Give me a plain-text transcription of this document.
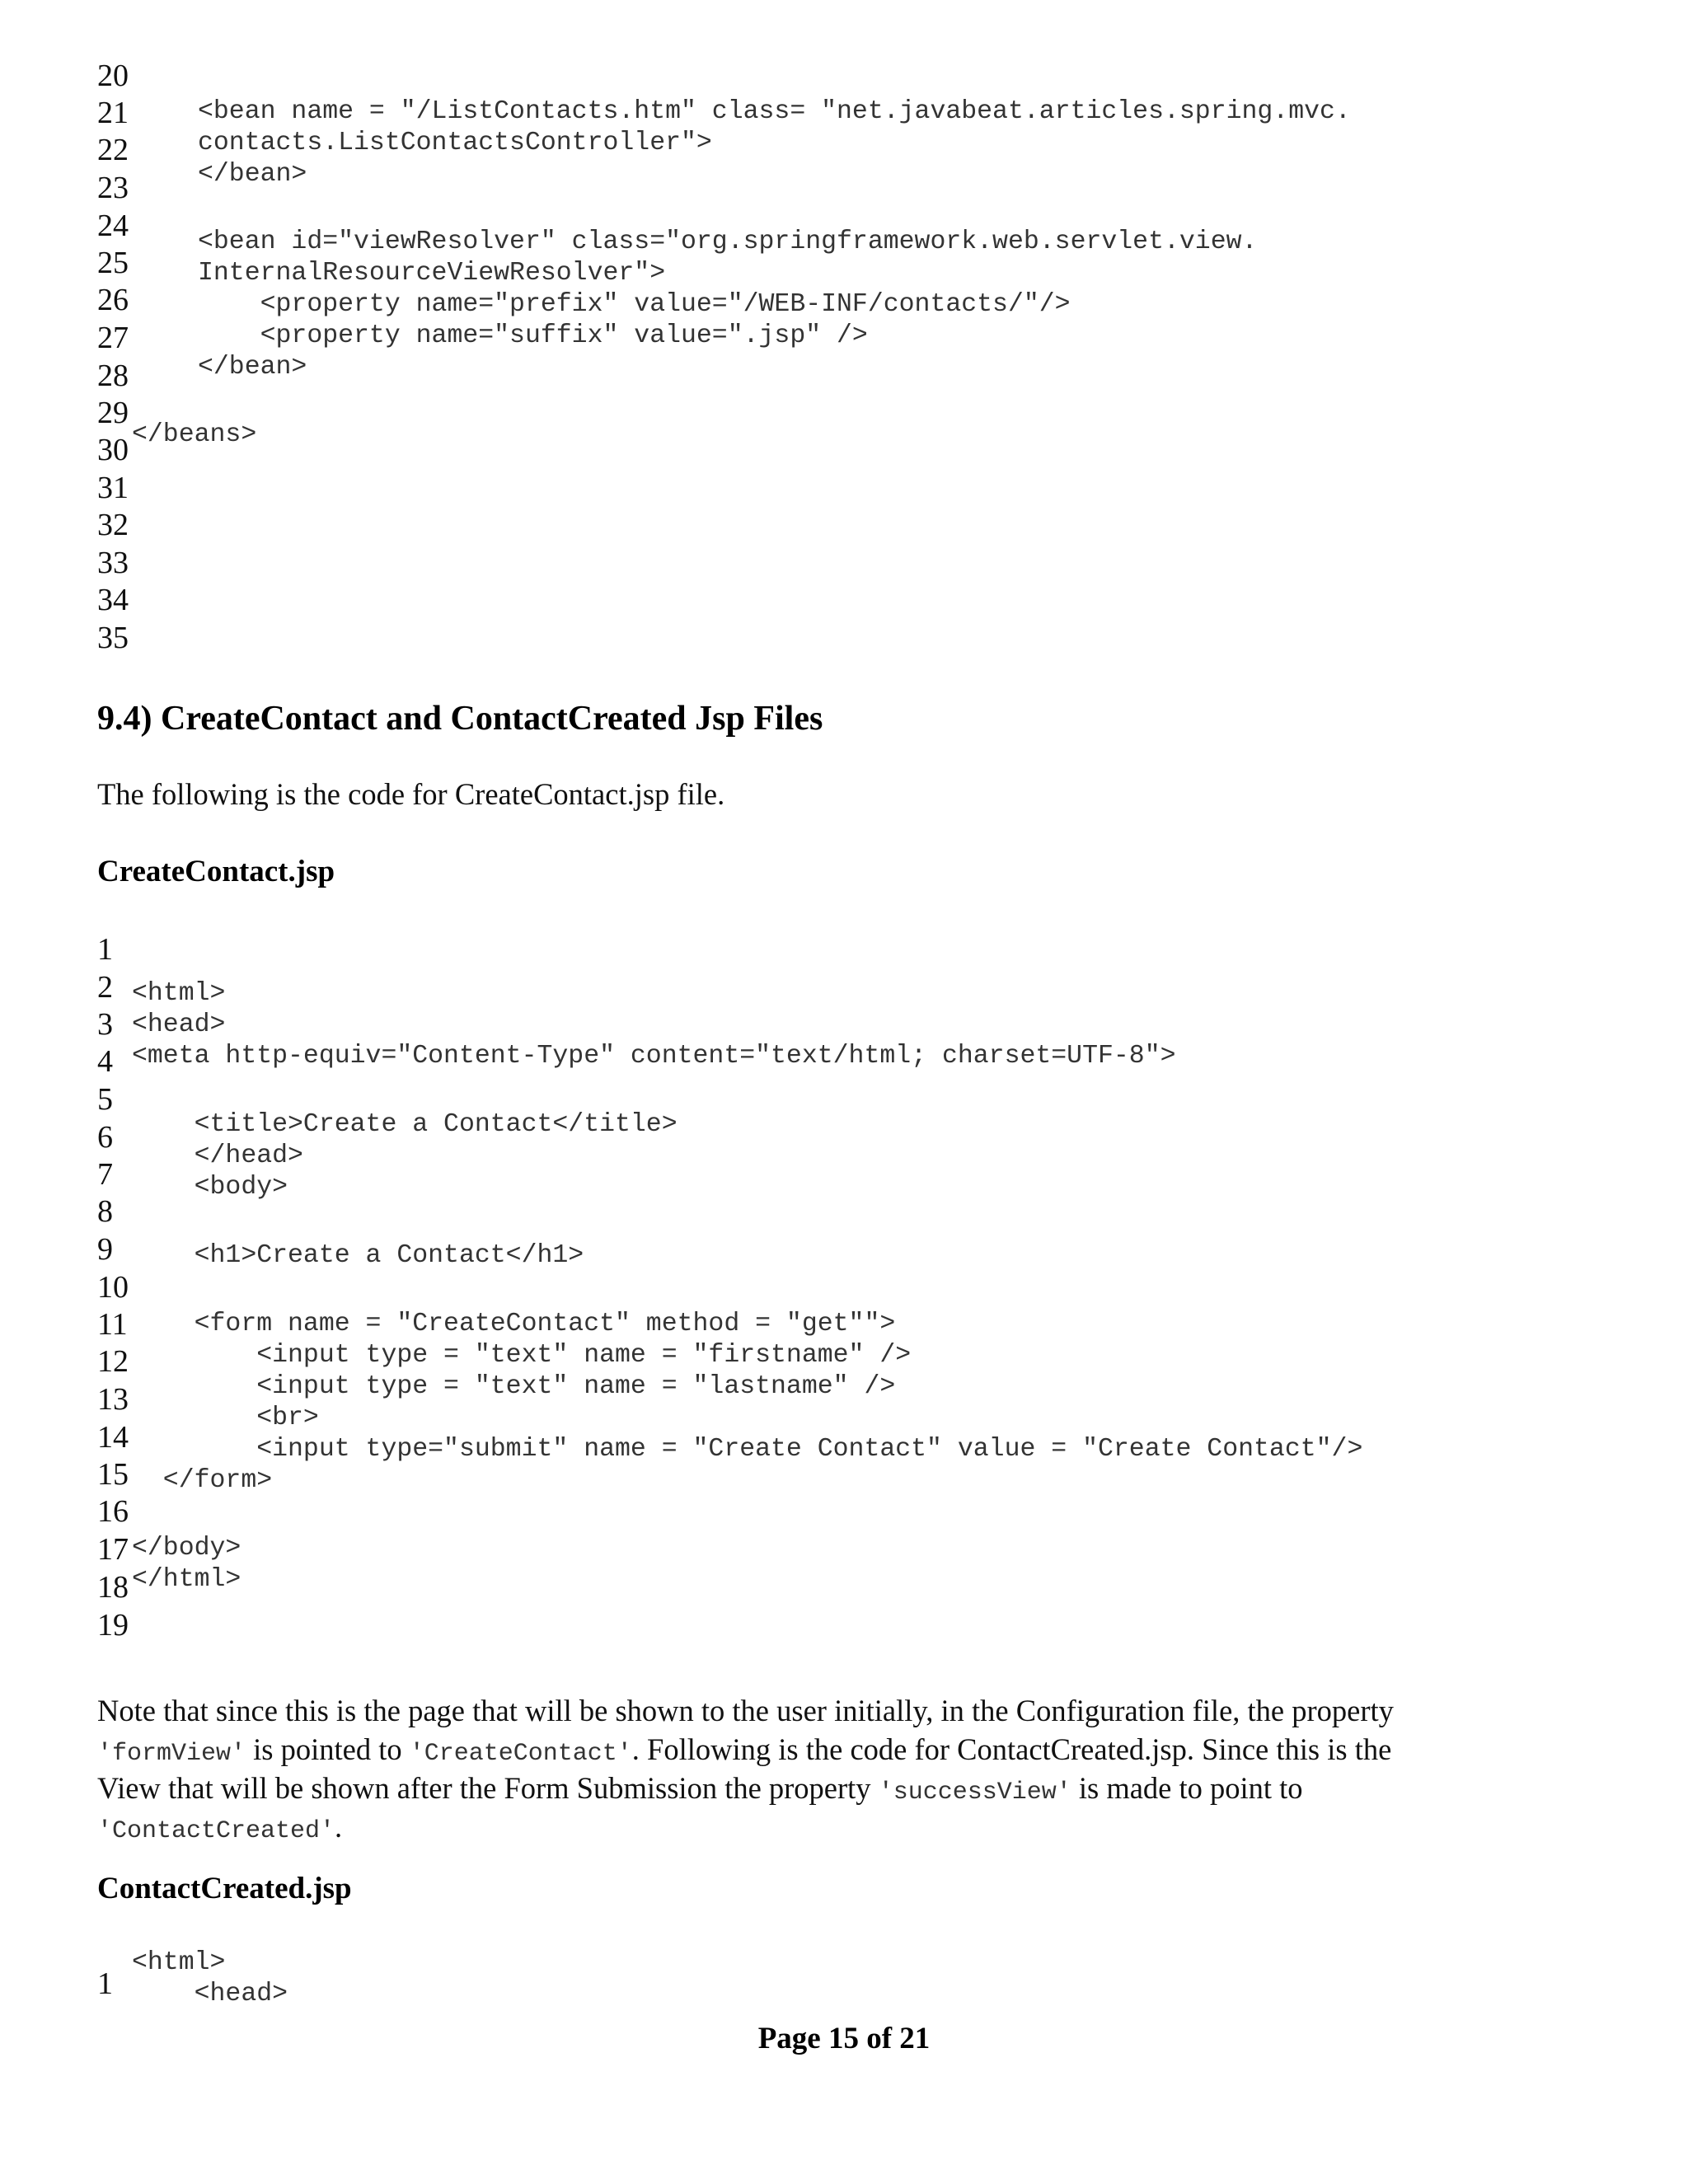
20
21
22
23
24
25
26
27
28
29
30
31
32
33
34
35
<bean name = "/ListContacts.htm" class= "net.javabeat.articles.spring.mvc.
contacts.ListContactsController">
</bean>
<bean id="viewResolver" class="org.springframework.web.servlet.view.
InternalResourceViewResolver">
<property name="prefix" value="/WEB-INF/contacts/"/>
<property name="suffix" value=".jsp" />
</bean>
</beans>
9.4) CreateContact and ContactCreated Jsp Files
The following is the code for CreateContact.jsp file.
CreateContact.jsp
1
2
3
4
5
6
7
8
9
10
11
12
13
14
15
16
17
18
19
<html>
<head>
<meta http-equiv="Content-Type" content="text/html; charset=UTF-8">
<title>Create a Contact</title>
</head>
<body>
<h1>Create a Contact</h1>
<form name = "CreateContact" method = "get"">
<input type = "text" name = "firstname" />
<input type = "text" name = "lastname" />
<br>
<input type="submit" name = "Create Contact" value = "Create Contact"/>
</form>
</body>
</html>
Note that since this is the page that will be shown to the user initially, in the Configuration file, the property
'formView' is pointed to 'CreateContact'. Following is the code for ContactCreated.jsp. Since this is the
View that will be shown after the Form Submission the property 'successView' is made to point to
'ContactCreated'.
ContactCreated.jsp
1
<html>
<head>
Page 15 of 21
